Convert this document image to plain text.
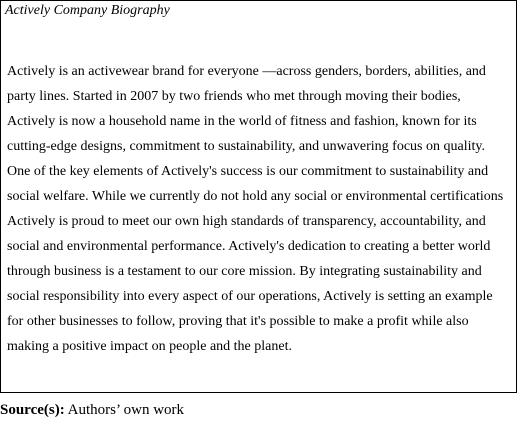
Actively Company Biography

Actively is an activewear brand for everyone —across genders, borders, abilities, and party lines. Started in 2007 by two friends who met through moving their bodies, Actively is now a household name in the world of fitness and fashion, known for its cutting-edge designs, commitment to sustainability, and unwavering focus on quality. One of the key elements of Actively's success is our commitment to sustainability and social welfare. While we currently do not hold any social or environmental certifications Actively is proud to meet our own high standards of transparency, accountability, and social and environmental performance. Actively's dedication to creating a better world through business is a testament to our core mission. By integrating sustainability and social responsibility into every aspect of our operations, Actively is setting an example for other businesses to follow, proving that it's possible to make a profit while also making a positive impact on people and the planet.

Source(s): Authors’ own work
